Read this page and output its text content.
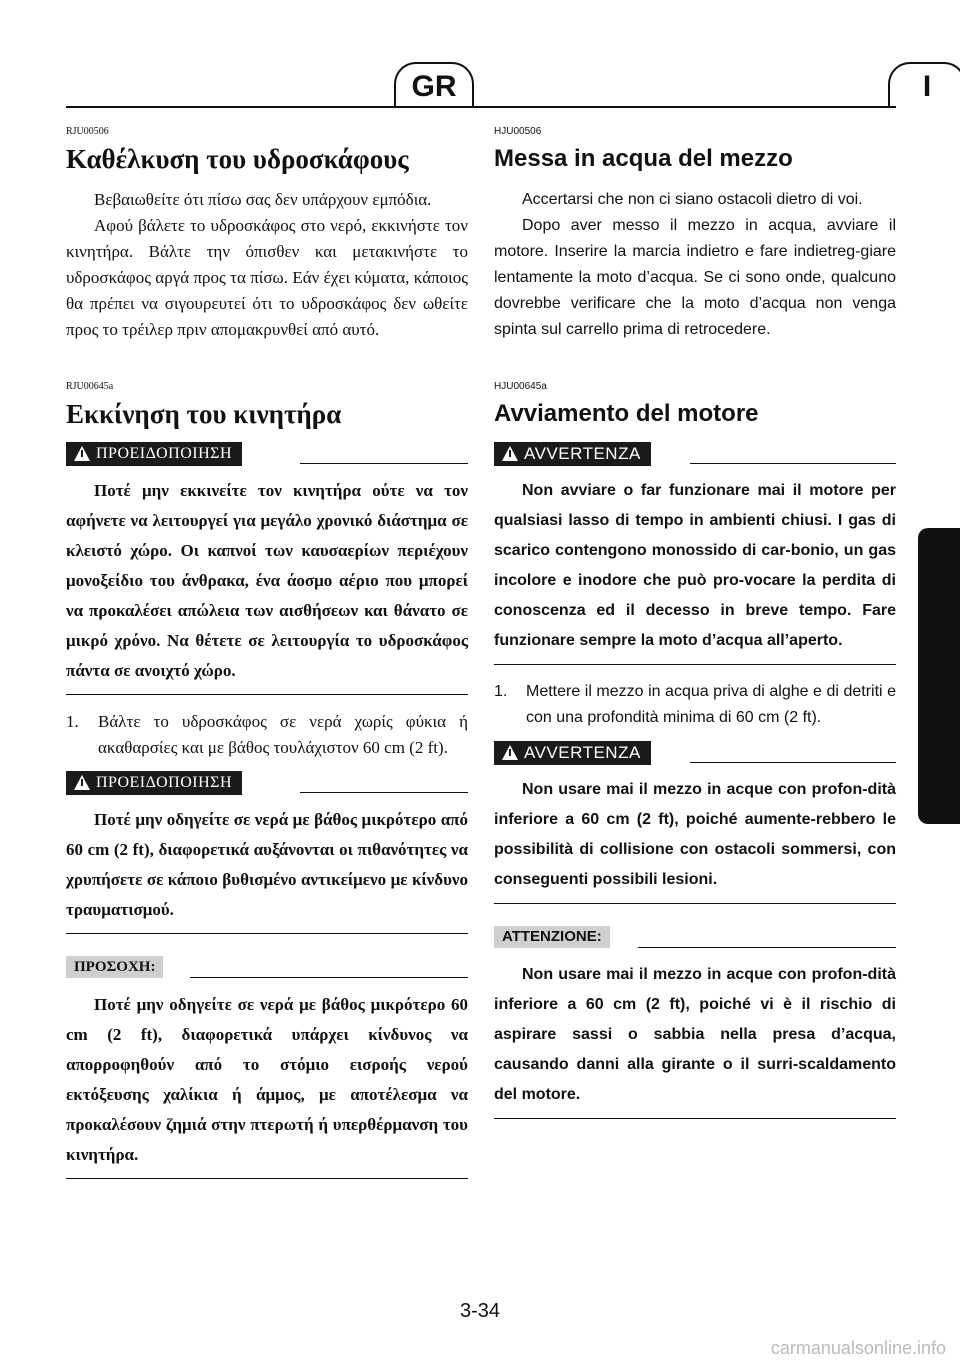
GR	I
RJU00506
Καθέλκυση του υδροσκάφους

Βεβαιωθείτε ότι πίσω σας δεν υπάρχουν εμπόδια.

Αφού βάλετε το υδροσκάφος στο νερό, εκκινήστε τον κινητήρα. Βάλτε την όπισθεν και μετακινήστε το υδροσκάφος αργά προς τα πίσω. Εάν έχει κύματα, κάποιος θα πρέπει να σιγουρευτεί ότι το υδροσκάφος δεν ωθείτε προς το τρέιλερ πριν απομακρυνθεί από αυτό.

RJU00645a
Εκκίνηση του κινητήρα
ΠΡΟΕΙΔΟΠΟΙΗΣΗ

Ποτέ μην εκκινείτε τον κινητήρα ούτε να τον αφήνετε να λειτουργεί για μεγάλο χρονικό διάστημα σε κλειστό χώρο. Οι καπνοί των καυσαερίων περιέχουν μονοξείδιο του άνθρακα, ένα άοσμο αέριο που μπορεί να προκαλέσει απώλεια των αισθήσεων και θάνατο σε μικρό χρόνο. Να θέτετε σε λειτουργία το υδροσκάφος πάντα σε ανοιχτό χώρο.

1.	Βάλτε το υδροσκάφος σε νερά χωρίς φύκια ή ακαθαρσίες και με βάθος τουλάχιστον 60 cm (2 ft).
ΠΡΟΕΙΔΟΠΟΙΗΣΗ

Ποτέ μην οδηγείτε σε νερά με βάθος μικρότερο από 60 cm (2 ft), διαφορετικά αυξάνονται οι πιθανότητες να χρυπήσετε σε κάποιο βυθισμένο αντικείμενο με κίνδυνο τραυματισμού.

ΠΡΟΣΟΧΗ:

Ποτέ μην οδηγείτε σε νερά με βάθος μικρότερο 60 cm (2 ft), διαφορετικά υπάρχει κίνδυνος να απορροφηθούν από το στόμιο εισροής νερού εκτόξευσης χαλίκια ή άμμος, με αποτέλεσμα να προκαλέσουν ζημιά στην πτερωτή ή υπερθέρμανση του κινητήρα.

HJU00506
Messa in acqua del mezzo

Accertarsi che non ci siano ostacoli dietro di voi.

Dopo aver messo il mezzo in acqua, avviare il motore. Inserire la marcia indietro e fare indietreg-giare lentamente la moto d’acqua. Se ci sono onde, qualcuno dovrebbe verificare che la moto d’acqua non venga spinta sul carrello prima di retrocedere.

HJU00645a
Avviamento del motore
AVVERTENZA

Non avviare o far funzionare mai il motore per qualsiasi lasso di tempo in ambienti chiusi. I gas di scarico contengono monossido di car-bonio, un gas incolore e inodore che può pro-vocare la perdita di conoscenza ed il decesso in breve tempo. Fare funzionare sempre la moto d’acqua all’aperto.

1.	Mettere il mezzo in acqua priva di alghe e di detriti e con una profondità minima di 60 cm (2 ft).
AVVERTENZA

Non usare mai il mezzo in acque con profon-dità inferiore a 60 cm (2 ft), poiché aumente-rebbero le possibilità di collisione con ostacoli sommersi, con conseguenti possibili lesioni.

ATTENZIONE:

Non usare mai il mezzo in acque con profon-dità inferiore a 60 cm (2 ft), poiché vi è il rischio di aspirare sassi o sabbia nella presa d’acqua, causando danni alla girante o il surri-scaldamento del motore.

3-34
carmanualsonline.info
